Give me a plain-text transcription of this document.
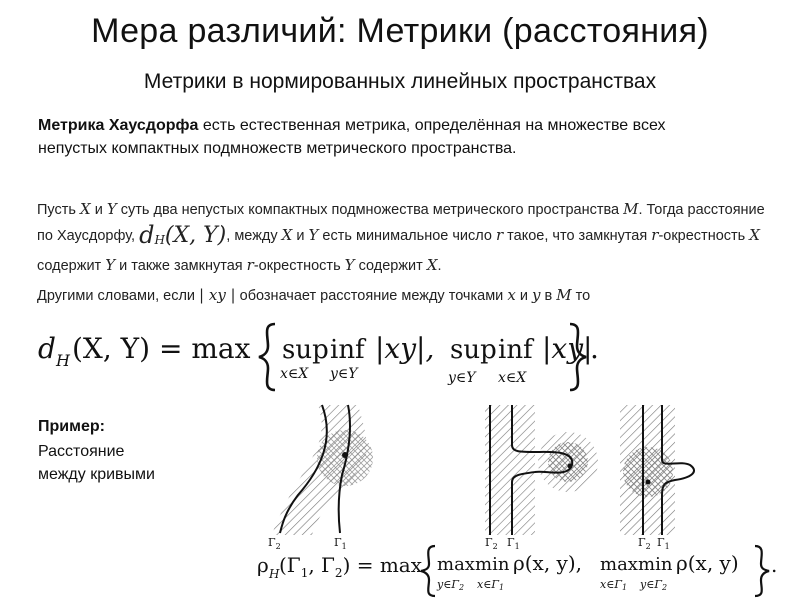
Мера различий: Метрики (расстояния)
Метрики в нормированных линейных пространствах
Метрика Хаусдорфа есть естественная метрика, определённая на множестве всех непустых компактных подмножеств метрического пространства.
Пусть X и Y суть два непустых компактных подмножества метрического пространства M. Тогда расстояние по Хаусдорфу, $d_H(X$, Y), между X и Y есть минимальное число r такое, что замкнутая r-окрестность X содержит Y и также замкнутая r-окрестность Y содержит X.
Другими словами, если | xy | обозначает расстояние между точками x и y в M то
d H (X, Y) = max sup inf
x∈X y∈Y
|xy|, sup inf
y∈Y x∈X
|xy|
.
Пример:
Расстояние
между кривыми
$\Gamma_2$	$\Gamma_1$	$\Gamma_2$ $\Gamma_1$	$\Gamma_2$ $\Gamma_1$
ρ H ($\Gamma_1$, $\Gamma_2) = \max \max \min$
y∈Γ2 x∈Γ1
ρ(x, y), max min
x∈Γ1 y∈Γ2
ρ(x, y) .
